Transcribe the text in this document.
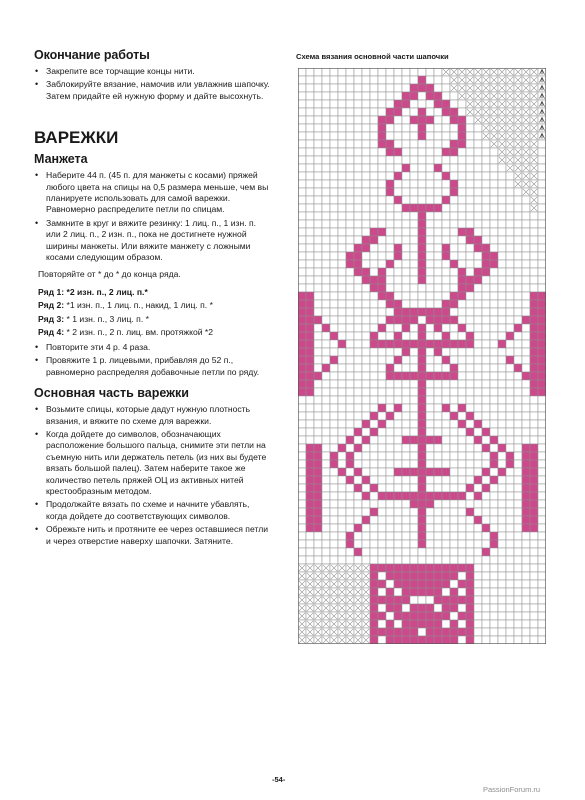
Окончание работы
• Закрепите все торчащие концы нити.
• Заблокируйте вязание, намочив или увлажнив шапочку. Затем придайте ей нужную форму и дайте высохнуть.
ВАРЕЖКИ
Манжета
• Наберите 44 п. (45 п. для манжеты с косами) пряжей любого цвета на спицы на 0,5 размера меньше, чем вы планируете использовать для самой варежки. Равномерно распределите петли по спицам.
• Замкните в круг и вяжите резинку: 1 лиц. п., 1 изн. п. или 2 лиц. п., 2 изн. п., пока не достигнете нужной ширины манжеты. Или вяжите манжету с ложными косами следующим образом.
Повторяйте от * до * до конца ряда.
Ряд 1: *2 изн. п., 2 лиц. п.*
Ряд 2: *1 изн. п., 1 лиц. п., накид, 1 лиц. п. *
Ряд 3: * 1 изн. п., 3 лиц. п. *
Ряд 4: * 2 изн. п., 2 п. лиц. вм. протяжкой *2
• Повторите эти 4 р. 4 раза.
• Провяжите 1 р. лицевыми, прибавляя до 52 п., равномерно распределяя добавочные петли по ряду.
Основная часть варежки
• Возьмите спицы, которые дадут нужную плотность вязания, и вяжите по схеме для варежки.
• Когда дойдете до символов, обозначающих расположение большого пальца, снимите эти петли на съемную нить или держатель петель (из них вы будете вязать большой палец). Затем наберите такое же количество петель пряжей ОЦ из активных нитей крестообразным методом.
• Продолжайте вязать по схеме и начните убавлять, когда дойдете до соответствующих символов.
• Обрежьте нить и протяните ее через оставшиеся петли и через отверстие наверху шапочки. Затяните.
Схема вязания основной части шапочки
-54-
PassionForum.ru
